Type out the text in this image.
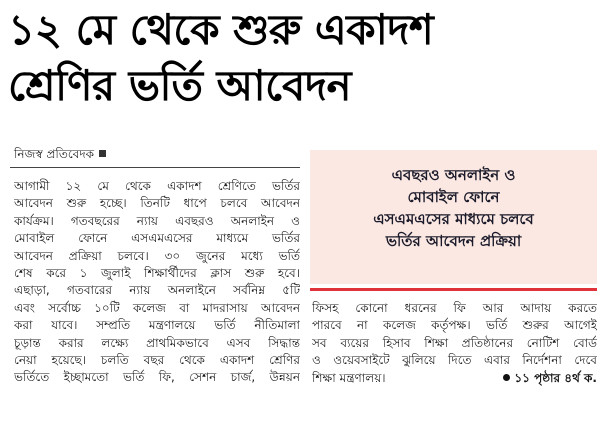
১২ মে থেকে শুরু একাদশ
শ্রেণির ভর্তি আবেদন
নিজস্ব প্রতিবেদক
আগামী ১২ মে থেকে একাদশ শ্রেণিতে ভর্তির
আবেদন শুরু হচ্ছে। তিনটি ধাপে চলবে আবেদন
কার্যক্রম। গতবছরের ন্যায় এবছরও অনলাইন ও
মোবাইল ফোনে এসএমএসের মাধ্যমে ভর্তির
আবেদন প্রক্রিয়া চলবে। ৩০ জুনের মধ্যে ভর্তি
শেষ করে ১ জুলাই শিক্ষার্থীদের ক্লাস শুরু হবে।
এছাড়া, গতবারের ন্যায় অনলাইনে সর্বনিম্ন ৫টি
এবং সর্বোচ্চ ১০টি কলেজ বা মাদরাসায় আবেদন
করা যাবে। সম্প্রতি মন্ত্রণালয়ে ভর্তি নীতিমালা
চূড়ান্ত করার লক্ষ্যে প্রাথমিকভাবে এসব সিদ্ধান্ত
নেয়া হয়েছে। চলতি বছর থেকে একাদশ শ্রেণির
ভর্তিতে ইচ্ছামতো ভর্তি ফি, সেশন চার্জ, উন্নয়ন
এবছরও অনলাইন ও
মোবাইল ফোনে
এসএমএসের মাধ্যমে চলবে
ভর্তির আবেদন প্রক্রিয়া
ফিসহ কোনো ধরনের ফি আর আদায় করতে
পারবে না কলেজ কর্তৃপক্ষ। ভর্তি শুরুর আগেই
সব ব্যয়ের হিসাব শিক্ষা প্রতিষ্ঠানের নোটিশ বোর্ড
ও ওয়েবসাইটে ঝুলিয়ে দিতে এবার নির্দেশনা দেবে
শিক্ষা মন্ত্রণালয়।	১১ পৃষ্ঠার ৪র্থ ক.
